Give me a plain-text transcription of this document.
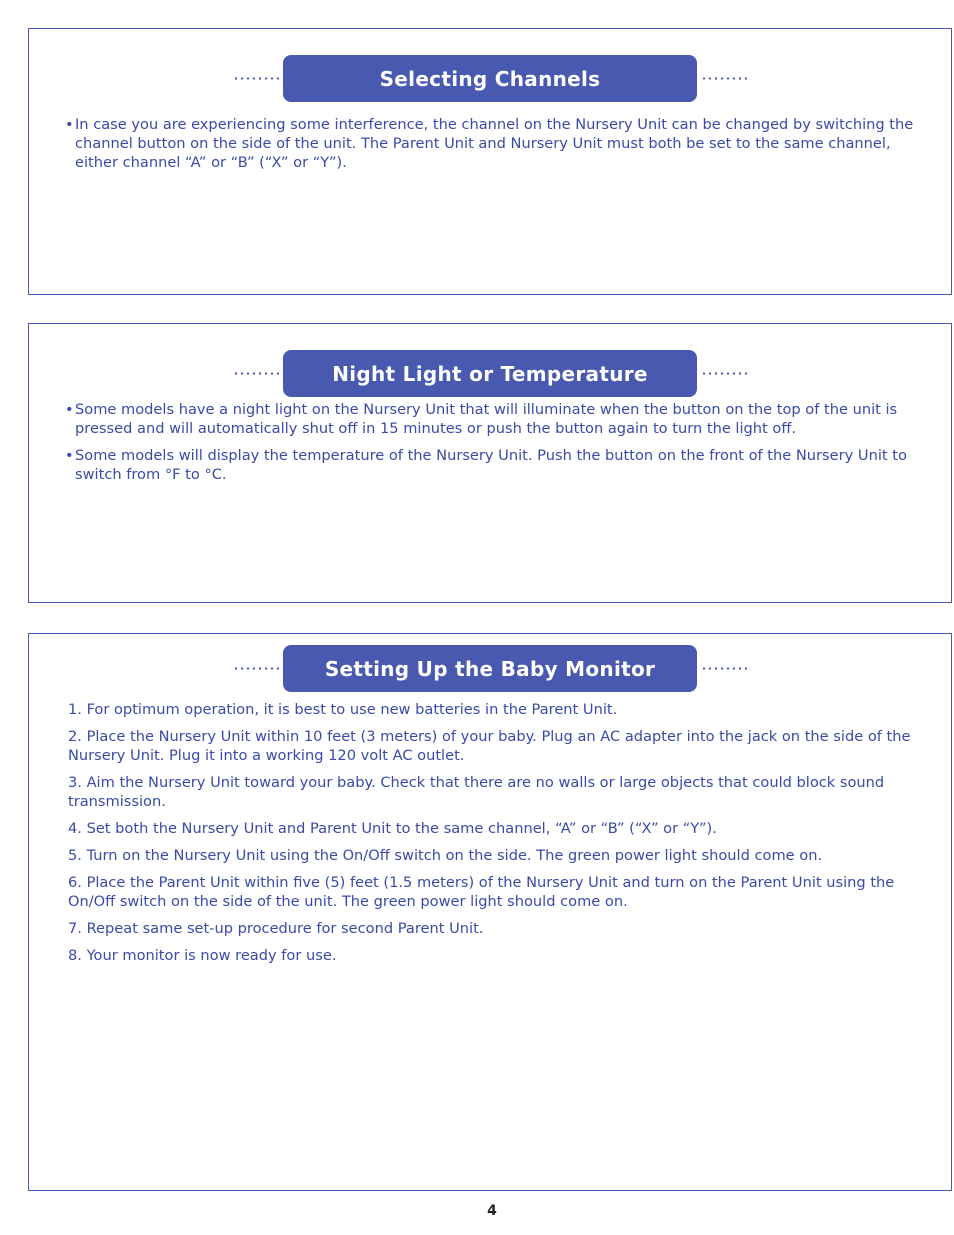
Selecting Channels

• In case you are experiencing some interference, the channel on the Nursery Unit can be changed by switching the channel button on the side of the unit. The Parent Unit and Nursery Unit must both be set to the same channel, either channel “A” or “B” (“X” or “Y”).

Night Light or Temperature

• Some models have a night light on the Nursery Unit that will illuminate when the button on the top of the unit is pressed and will automatically shut off in 15 minutes or push the button again to turn the light off.

• Some models will display the temperature of the Nursery Unit. Push the button on the front of the Nursery Unit to switch from °F to °C.

Setting Up the Baby Monitor

1. For optimum operation, it is best to use new batteries in the Parent Unit.

2. Place the Nursery Unit within 10 feet (3 meters) of your baby. Plug an AC adapter into the jack on the side of the Nursery Unit. Plug it into a working 120 volt AC outlet.

3. Aim the Nursery Unit toward your baby. Check that there are no walls or large objects that could block sound transmission.

4. Set both the Nursery Unit and Parent Unit to the same channel, “A” or “B” (“X” or “Y”).

5. Turn on the Nursery Unit using the On/Off switch on the side. The green power light should come on.

6. Place the Parent Unit within five (5) feet (1.5 meters) of the Nursery Unit and turn on the Parent Unit using the On/Off switch on the side of the unit. The green power light should come on.

7. Repeat same set-up procedure for second Parent Unit.

8. Your monitor is now ready for use.

4
